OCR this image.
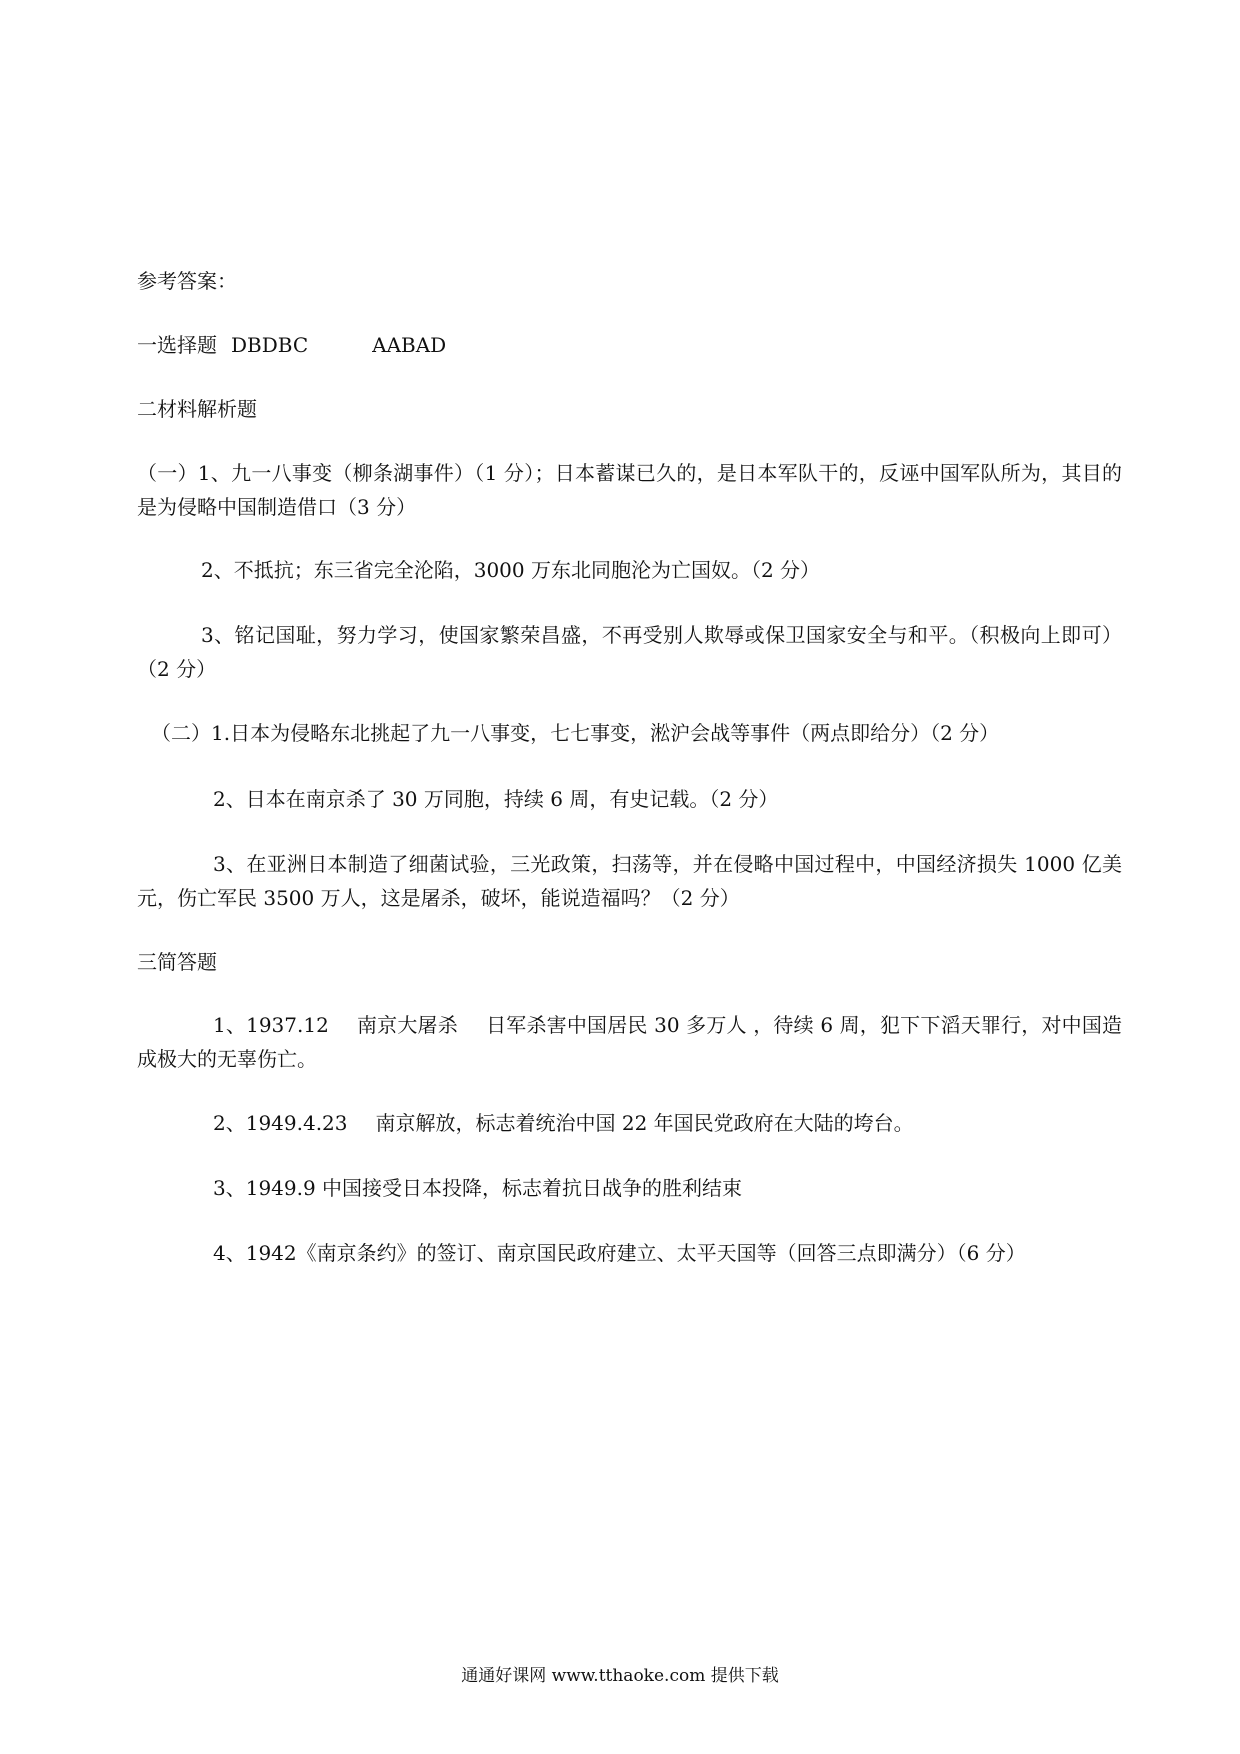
参考答案：
一选择题 DBDBC	AABAD
二材料解析题
（一）1、九一八事变（柳条湖事件）（1 分）；日本蓄谋已久的，是日本军队干的，反诬中国军队所为，其目的是为侵略中国制造借口（3 分）
2、不抵抗；东三省完全沦陷，3000 万东北同胞沦为亡国奴。（2 分）
3、铭记国耻，努力学习，使国家繁荣昌盛，不再受别人欺辱或保卫国家安全与和平。（积极向上即可）（2 分）
（二）1.日本为侵略东北挑起了九一八事变，七七事变，淞沪会战等事件（两点即给分）（2 分）
2、日本在南京杀了 30 万同胞，持续 6 周，有史记载。（2 分）
3、在亚洲日本制造了细菌试验，三光政策，扫荡等，并在侵略中国过程中，中国经济损失 1000 亿美元，伤亡军民 3500 万人，这是屠杀，破坏，能说造福吗？（2 分）
三简答题
1、1937.12 南京大屠杀 日军杀害中国居民 30 多万人 ，待续 6 周，犯下下滔天罪行，对中国造成极大的无辜伤亡。
2、1949.4.23 南京解放，标志着统治中国 22 年国民党政府在大陆的垮台。
3、1949.9 中国接受日本投降，标志着抗日战争的胜利结束
4、1942《南京条约》的签订、南京国民政府建立、太平天国等（回答三点即满分）（6 分）
通通好课网 www.tthaoke.com 提供下载
